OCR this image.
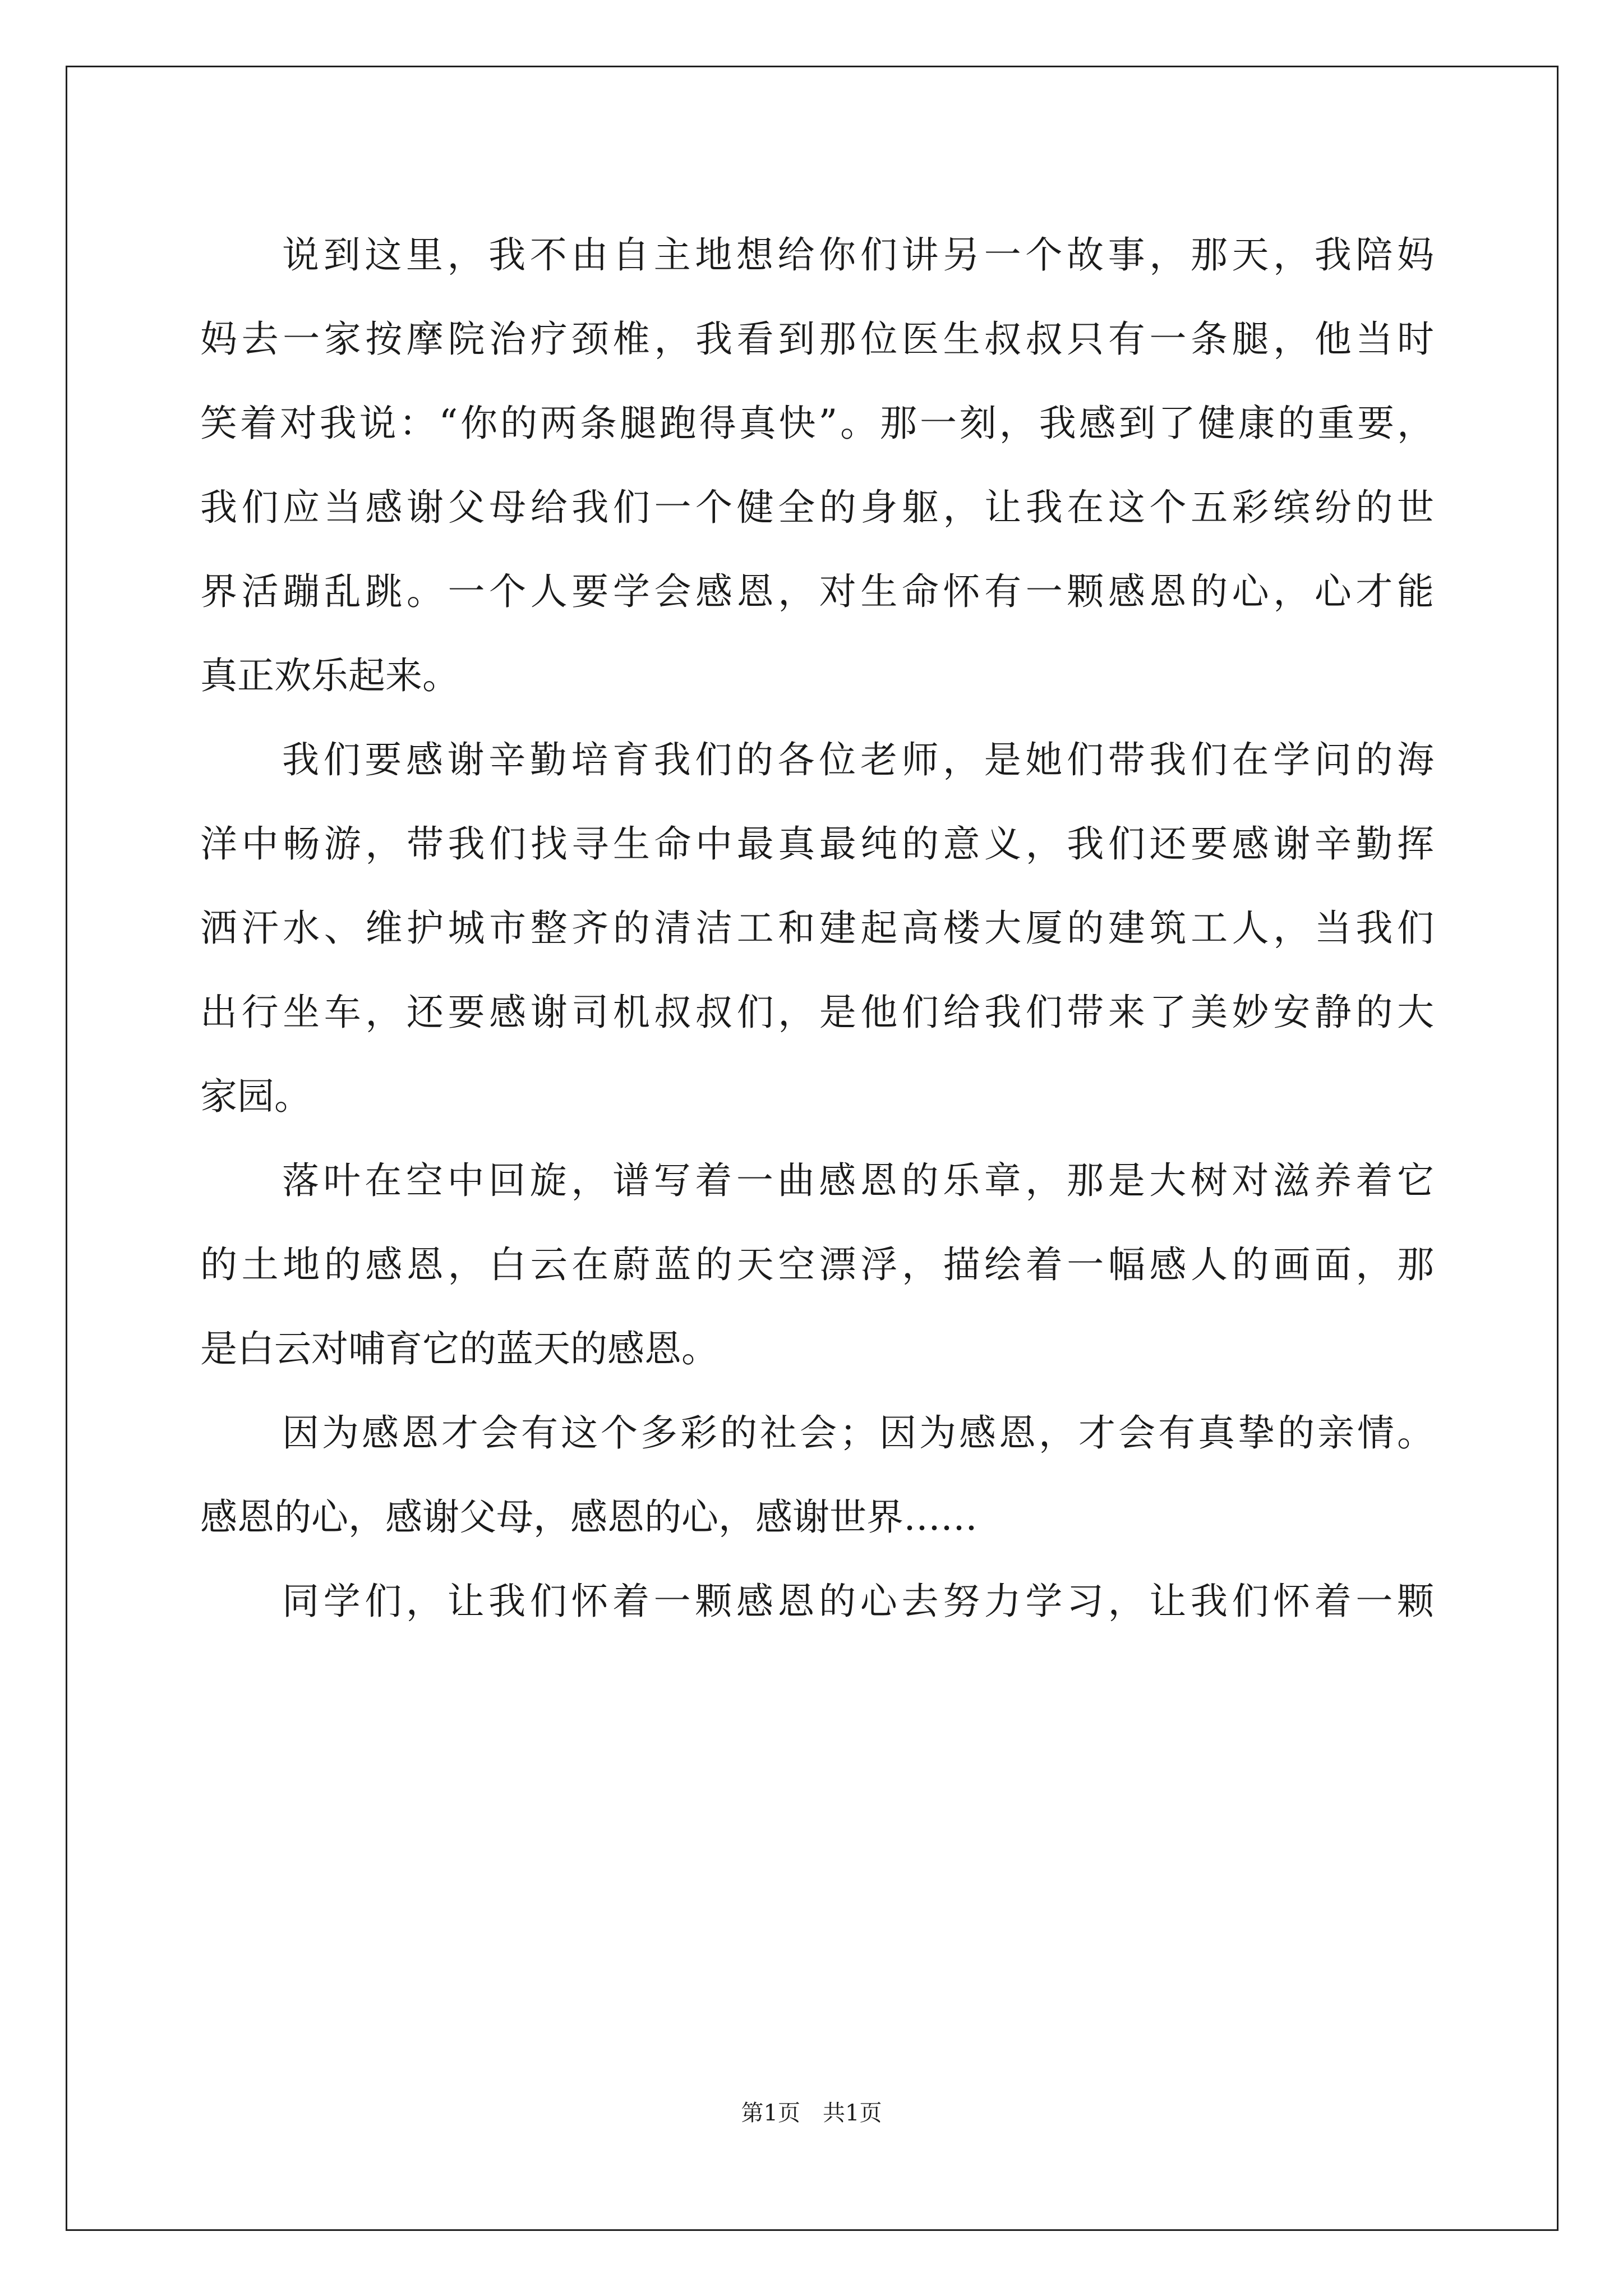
说到这里，我不由自主地想给你们讲另一个故事，那天，我陪妈
妈去一家按摩院治疗颈椎，我看到那位医生叔叔只有一条腿，他当时
笑着对我说：“你的两条腿跑得真快”。那一刻，我感到了健康的重要，
我们应当感谢父母给我们一个健全的身躯，让我在这个五彩缤纷的世
界活蹦乱跳。一个人要学会感恩，对生命怀有一颗感恩的心，心才能
真正欢乐起来。
我们要感谢辛勤培育我们的各位老师，是她们带我们在学问的海
洋中畅游，带我们找寻生命中最真最纯的意义，我们还要感谢辛勤挥
洒汗水、维护城市整齐的清洁工和建起高楼大厦的建筑工人，当我们
出行坐车，还要感谢司机叔叔们，是他们给我们带来了美妙安静的大
家园。
落叶在空中回旋，谱写着一曲感恩的乐章，那是大树对滋养着它
的土地的感恩，白云在蔚蓝的天空漂浮，描绘着一幅感人的画面，那
是白云对哺育它的蓝天的感恩。
因为感恩才会有这个多彩的社会；因为感恩，才会有真挚的亲情。
感恩的心，感谢父母，感恩的心，感谢世界……
同学们，让我们怀着一颗感恩的心去努力学习，让我们怀着一颗
第1页　共1页
